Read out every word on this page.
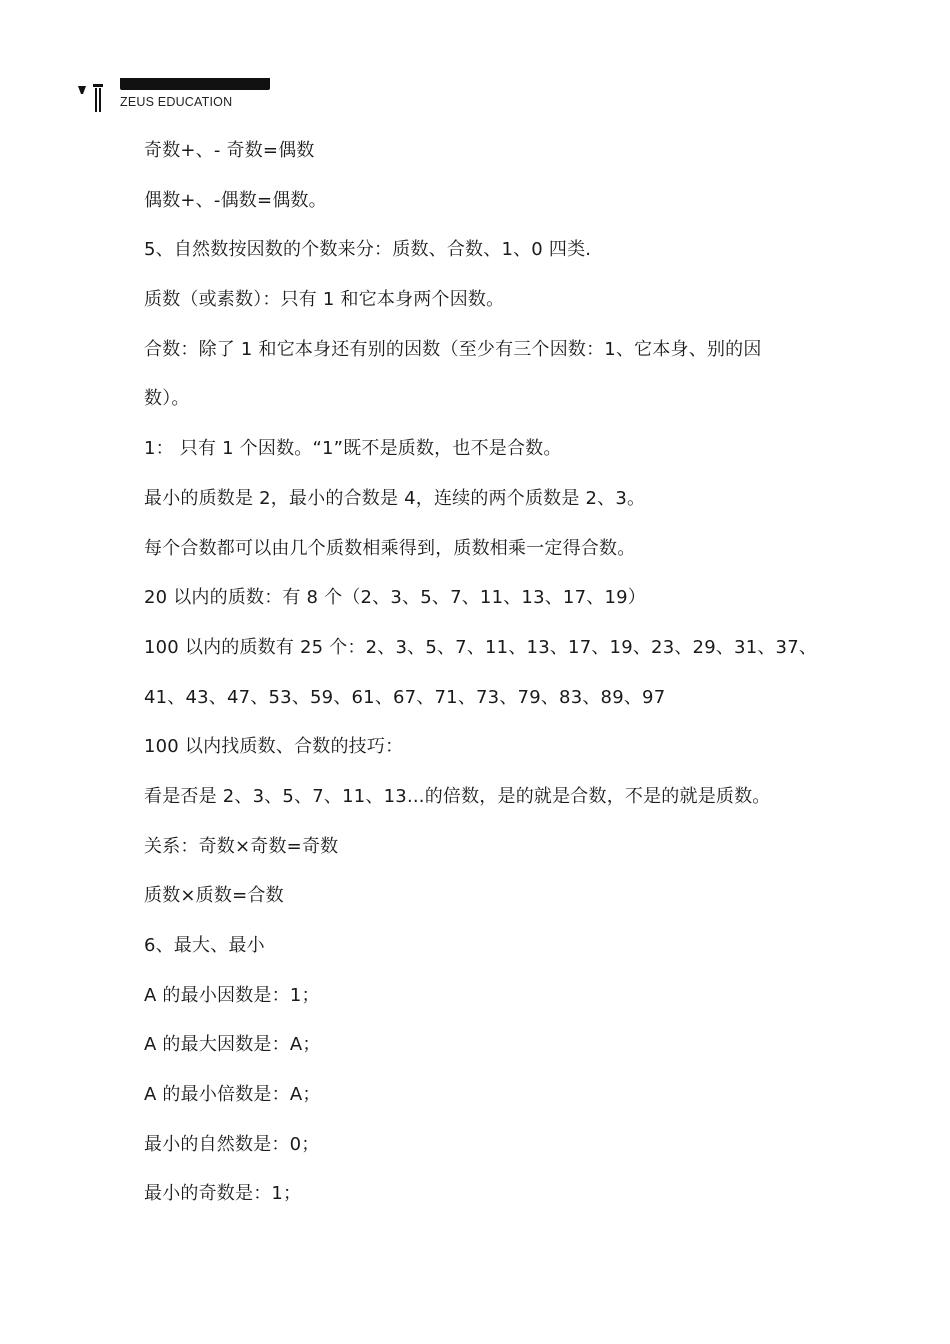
ZEUS EDUCATION
奇数+、- 奇数=偶数
偶数+、-偶数=偶数。
5、自然数按因数的个数来分：质数、合数、1、0 四类.
质数（或素数）：只有 1 和它本身两个因数。
合数：除了 1 和它本身还有别的因数（至少有三个因数：1、它本身、别的因
数）。
1： 只有 1 个因数。“1”既不是质数，也不是合数。
最小的质数是 2，最小的合数是 4，连续的两个质数是 2、3。
每个合数都可以由几个质数相乘得到，质数相乘一定得合数。
20 以内的质数：有 8 个（2、3、5、7、11、13、17、19）
100 以内的质数有 25 个：2、3、5、7、11、13、17、19、23、29、31、37、
41、43、47、53、59、61、67、71、73、79、83、89、97
100 以内找质数、合数的技巧：
看是否是 2、3、5、7、11、13...的倍数，是的就是合数，不是的就是质数。
关系：奇数×奇数=奇数
质数×质数=合数
6、最大、最小
A 的最小因数是：1；
A 的最大因数是：A；
A 的最小倍数是：A；
最小的自然数是：0；
最小的奇数是：1；
